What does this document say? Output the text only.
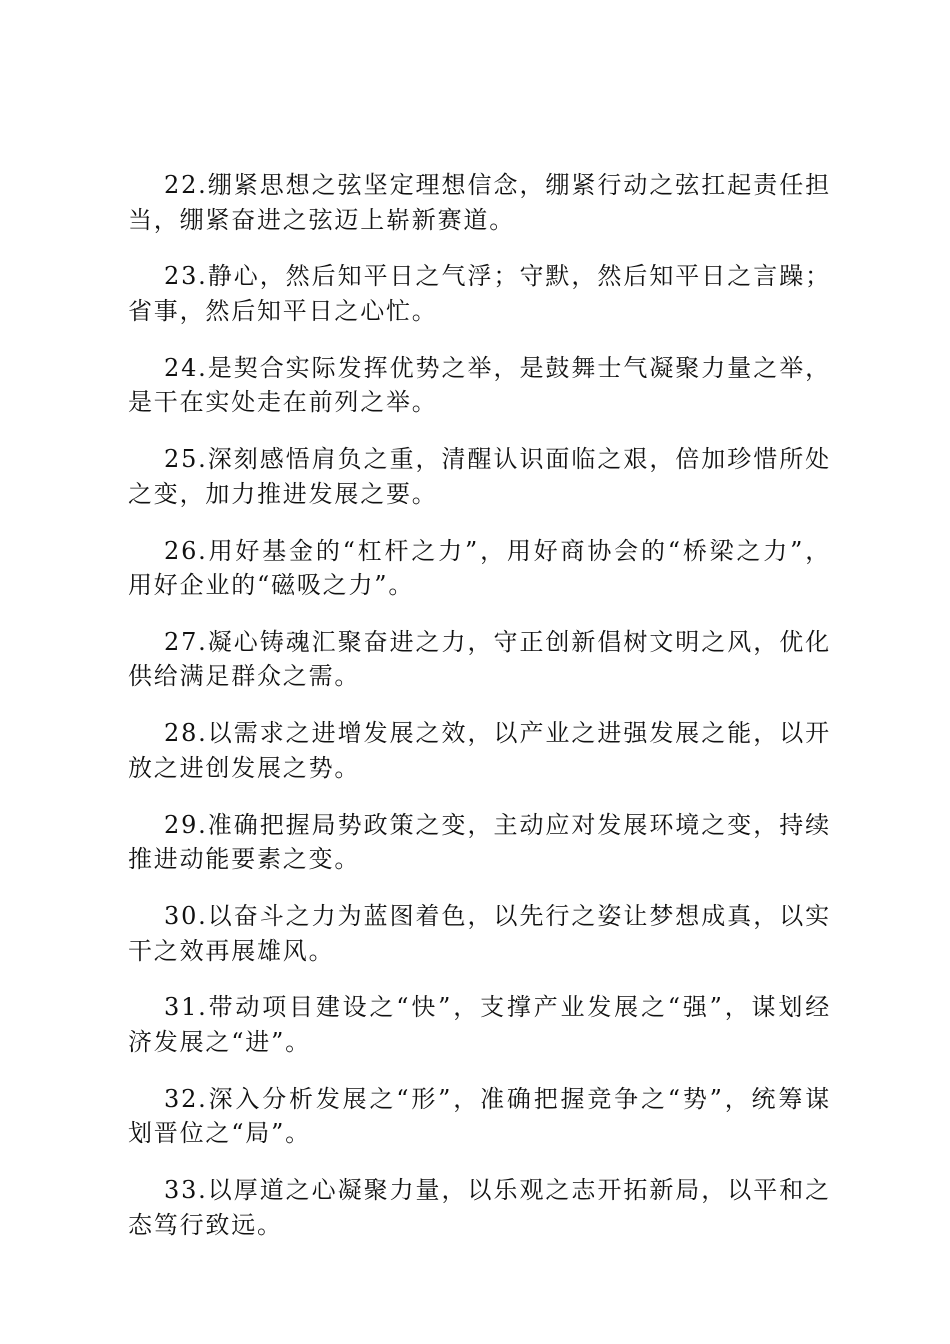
22.绷紧思想之弦坚定理想信念，绷紧行动之弦扛起责任担当，绷紧奋进之弦迈上崭新赛道。

23.静心，然后知平日之气浮；守默，然后知平日之言躁；省事，然后知平日之心忙。

24.是契合实际发挥优势之举，是鼓舞士气凝聚力量之举，是干在实处走在前列之举。

25.深刻感悟肩负之重，清醒认识面临之艰，倍加珍惜所处之变，加力推进发展之要。

26.用好基金的“杠杆之力”，用好商协会的“桥梁之力”，用好企业的“磁吸之力”。

27.凝心铸魂汇聚奋进之力，守正创新倡树文明之风，优化供给满足群众之需。

28.以需求之进增发展之效，以产业之进强发展之能，以开放之进创发展之势。

29.准确把握局势政策之变，主动应对发展环境之变，持续推进动能要素之变。

30.以奋斗之力为蓝图着色，以先行之姿让梦想成真，以实干之效再展雄风。

31.带动项目建设之“快”，支撑产业发展之“强”，谋划经济发展之“进”。

32.深入分析发展之“形”，准确把握竞争之“势”，统筹谋划晋位之“局”。

33.以厚道之心凝聚力量，以乐观之志开拓新局，以平和之态笃行致远。
